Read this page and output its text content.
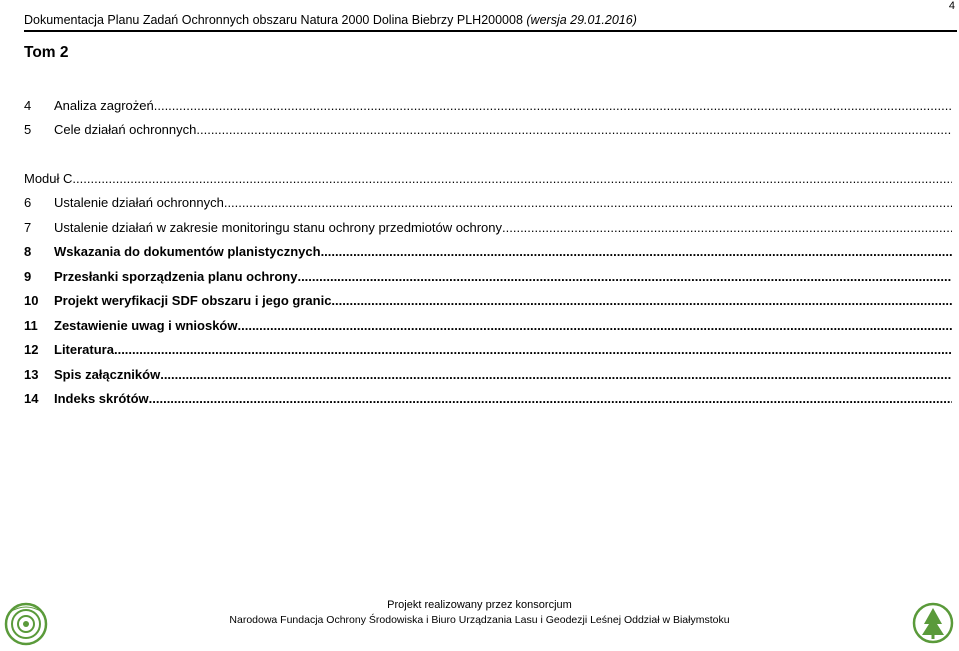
Dokumentacja Planu Zadań Ochronnych obszaru Natura 2000 Dolina Biebrzy PLH200008 (wersja 29.01.2016)
4
Tom 2
4	Analiza zagrożeń
.....
5	Cele działań ochronnych
.....
Moduł C
.....
6	Ustalenie działań ochronnych
.....
7	Ustalenie działań w zakresie monitoringu stanu ochrony przedmiotów ochrony
.....
8	Wskazania do dokumentów planistycznych
.....
9	Przesłanki sporządzenia planu ochrony
.....
10	Projekt weryfikacji SDF obszaru i jego granic
.....
11	Zestawienie uwag i wniosków
.....
12	Literatura
.....
13	Spis załączników
.....
14	Indeks skrótów
.....
Projekt realizowany przez konsorcjum
Narodowa Fundacja Ochrony Środowiska i Biuro Urządzania Lasu i Geodezji Leśnej Oddział w Białymstoku
